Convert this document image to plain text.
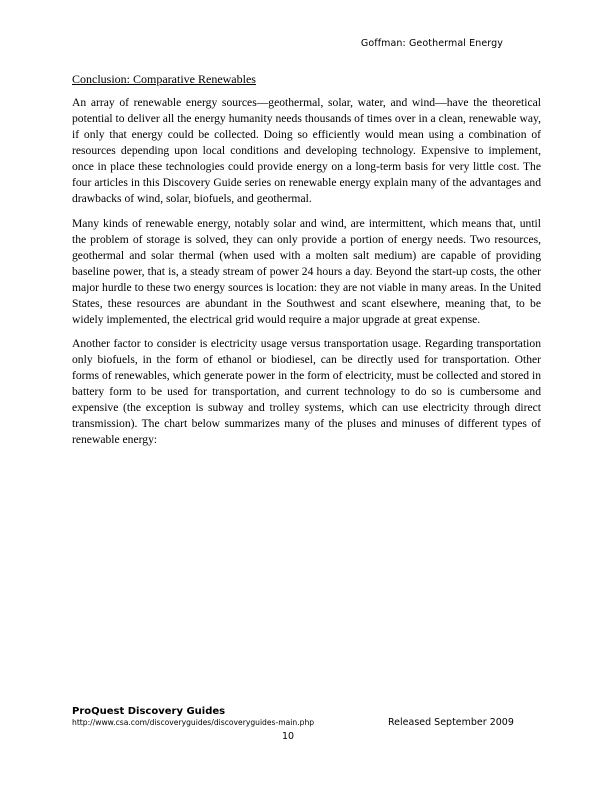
Goffman: Geothermal Energy
Conclusion: Comparative Renewables

An array of renewable energy sources—geothermal, solar, water, and wind—have the theoretical potential to deliver all the energy humanity needs thousands of times over in a clean, renewable way, if only that energy could be collected. Doing so efficiently would mean using a combination of resources depending upon local conditions and developing technology. Expensive to implement, once in place these technologies could provide energy on a long-term basis for very little cost. The four articles in this Discovery Guide series on renewable energy explain many of the advantages and drawbacks of wind, solar, biofuels, and geothermal.

Many kinds of renewable energy, notably solar and wind, are intermittent, which means that, until the problem of storage is solved, they can only provide a portion of energy needs. Two resources, geothermal and solar thermal (when used with a molten salt medium) are capable of providing baseline power, that is, a steady stream of power 24 hours a day. Beyond the start-up costs, the other major hurdle to these two energy sources is location: they are not viable in many areas. In the United States, these resources are abundant in the Southwest and scant elsewhere, meaning that, to be widely implemented, the electrical grid would require a major upgrade at great expense.

Another factor to consider is electricity usage versus transportation usage. Regarding transportation only biofuels, in the form of ethanol or biodiesel, can be directly used for transportation. Other forms of renewables, which generate power in the form of electricity, must be collected and stored in battery form to be used for transportation, and current technology to do so is cumbersome and expensive (the exception is subway and trolley systems, which can use electricity through direct transmission). The chart below summarizes many of the pluses and minuses of different types of renewable energy:

ProQuest Discovery Guides
http://www.csa.com/discoveryguides/discoveryguides-main.php	Released September 2009
10
